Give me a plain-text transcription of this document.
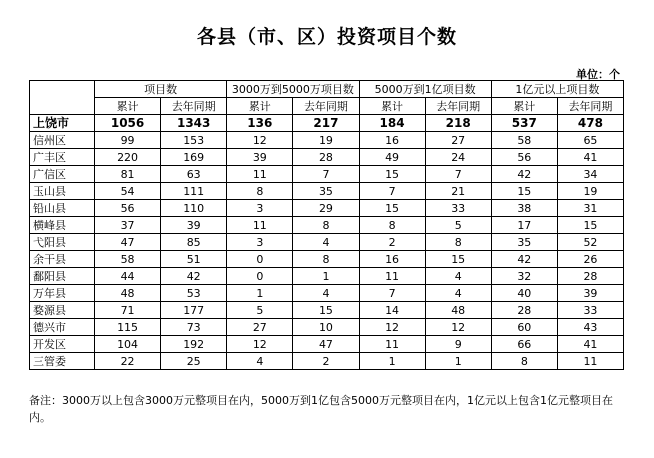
各县（市、区）投资项目个数
单位：个
	项目数		3000万到5000万项目数		5000万到1亿项目数		1亿元以上项目数	
	累计	去年同期	累计	去年同期	累计	去年同期	累计	去年同期
上饶市	1056	1343	136	217	184	218	537	478
信州区	99	153	12	19	16	27	58	65
广丰区	220	169	39	28	49	24	56	41
广信区	81	63	11	7	15	7	42	34
玉山县	54	111	8	35	7	21	15	19
铅山县	56	110	3	29	15	33	38	31
横峰县	37	39	11	8	8	5	17	15
弋阳县	47	85	3	4	2	8	35	52
余干县	58	51	0	8	16	15	42	26
鄱阳县	44	42	0	1	11	4	32	28
万年县	48	53	1	4	7	4	40	39
婺源县	71	177	5	15	14	48	28	33
德兴市	115	73	27	10	12	12	60	43
开发区	104	192	12	47	11	9	66	41
三管委	22	25	4	2	1	1	8	11
备注：3000万以上包含3000万元整项目在内，5000万到1亿包含5000万元整项目在内，1亿元以上包含1亿元整项目在内。
